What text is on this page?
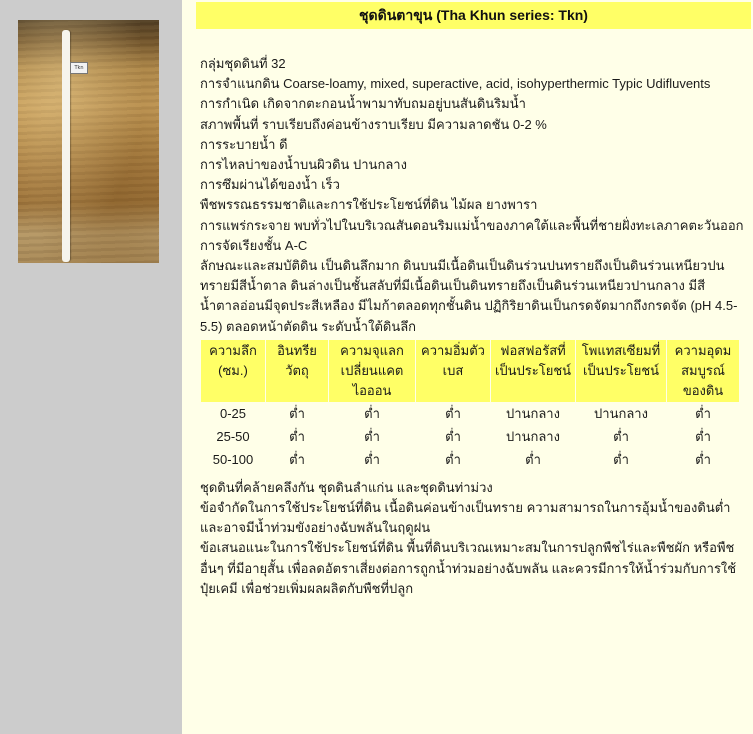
Tkn
ชุดดินตาขุน (Tha Khun series: Tkn)

กลุ่มชุดดินที่ 32

การจำแนกดิน Coarse-loamy, mixed, superactive, acid, isohyperthermic Typic Udifluvents

การกำเนิด เกิดจากตะกอนน้ำพามาทับถมอยู่บนสันดินริมน้ำ

สภาพพื้นที่ ราบเรียบถึงค่อนข้างราบเรียบ มีความลาดชัน 0-2 %

การระบายน้ำ ดี

การไหลบ่าของน้ำบนผิวดิน ปานกลาง

การซึมผ่านได้ของน้ำ เร็ว

พืชพรรณธรรมชาติและการใช้ประโยชน์ที่ดิน ไม้ผล ยางพารา

การแพร่กระจาย พบทั่วไปในบริเวณสันดอนริมแม่น้ำของภาคใต้และพื้นที่ชายฝั่งทะเลภาคตะวันออก

การจัดเรียงชั้น A-C

ลักษณะและสมบัติดิน เป็นดินลึกมาก ดินบนมีเนื้อดินเป็นดินร่วนปนทรายถึงเป็นดินร่วนเหนียวปนทรายมีสีน้ำตาล ดินล่างเป็นชั้นสลับที่มีเนื้อดินเป็นดินทรายถึงเป็นดินร่วนเหนียวปานกลาง มีสี น้ำตาลอ่อนมีจุดประสีเหลือง มีไมก้าตลอดทุกชั้นดิน ปฏิกิริยาดินเป็นกรดจัดมากถึงกรดจัด (pH 4.5-5.5) ตลอดหน้าตัดดิน ระดับน้ำใต้ดินลึก

ความลึก (ซม.)	อินทรียวัตถุ	ความจุแลกเปลี่ยนแคตไอออน	ความอิ่มตัวเบส	ฟอสฟอรัสที่เป็นประโยชน์	โพแทสเซียมที่เป็นประโยชน์	ความอุดมสมบูรณ์ของดิน
0-25	ต่ำ	ต่ำ	ต่ำ	ปานกลาง	ปานกลาง	ต่ำ
25-50	ต่ำ	ต่ำ	ต่ำ	ปานกลาง	ต่ำ	ต่ำ
50-100	ต่ำ	ต่ำ	ต่ำ	ต่ำ	ต่ำ	ต่ำ

ชุดดินที่คล้ายคลึงกัน ชุดดินลำแก่น และชุดดินท่าม่วง

ข้อจำกัดในการใช้ประโยชน์ที่ดิน เนื้อดินค่อนข้างเป็นทราย ความสามารถในการอุ้มน้ำของดินต่ำ และอาจมีน้ำท่วมขังอย่างฉับพลันในฤดูฝน

ข้อเสนอแนะในการใช้ประโยชน์ที่ดิน พื้นที่ดินบริเวณเหมาะสมในการปลูกพืชไร่และพืชผัก หรือพืชอื่นๆ ที่มีอายุสั้น เพื่อลดอัตราเสี่ยงต่อการถูกน้ำท่วมอย่างฉับพลัน และควรมีการให้น้ำร่วมกับการใช้ปุ๋ยเคมี เพื่อช่วยเพิ่มผลผลิตกับพืชที่ปลูก
